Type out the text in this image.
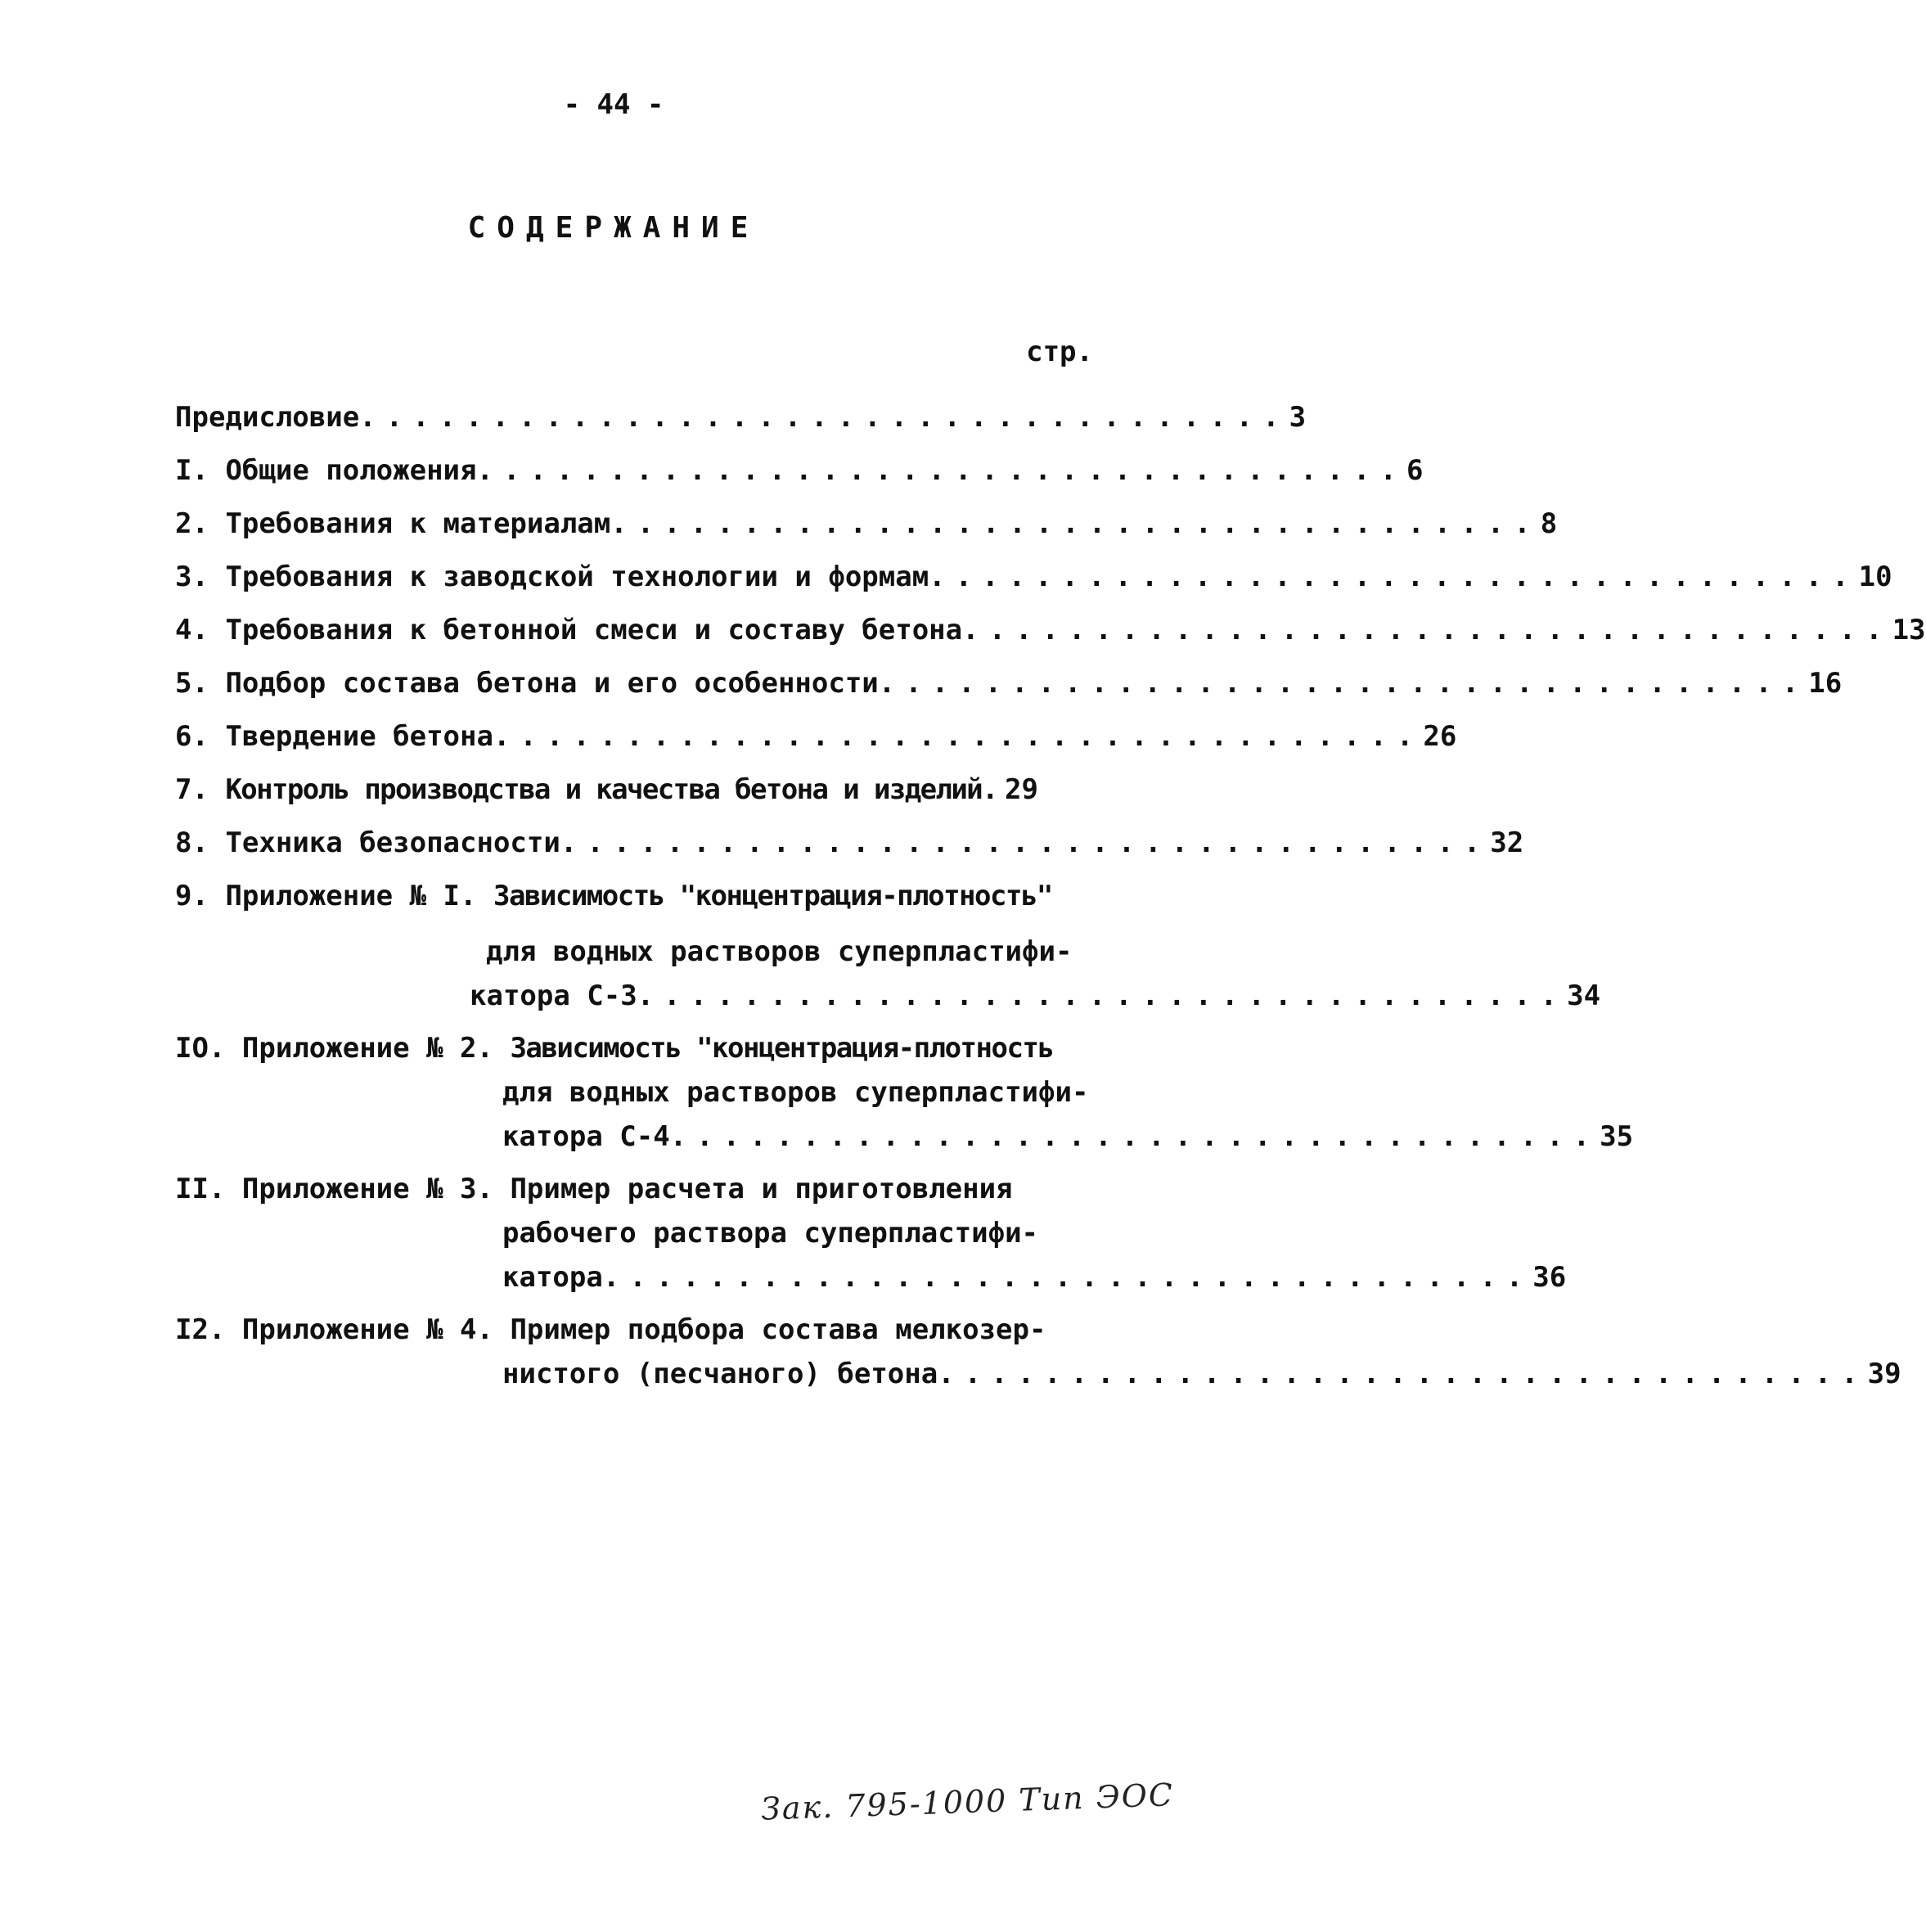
- 44 -
СОДЕРЖАНИЕ
стр.
Предисловие ................................... 3
I.
Общие положения ................................... 6
2.
Требования к материалам ................................... 8
3.
Требования к заводской технологии и формам ................................... 10
4.
Требования к бетонной смеси и составу бетона ................................... 13
5.
Подбор состава бетона и его особенности ................................... 16
6.
Твердение бетона ................................... 26
7.
Контроль производства и качества бетона и изделий. 29
8.
Техника безопасности ................................... 32
9.
Приложение № I.
Зависимость "концентрация-плотность"
для водных растворов суперпластифи-
катора С-3 ................................... 34
IO.
Приложение № 2.
Зависимость "концентрация-плотность
для водных растворов суперпластифи-
катора С-4 ................................... 35
II.
Приложение № 3.
Пример расчета и приготовления
рабочего раствора суперпластифи-
катора ................................... 36
I2.
Приложение № 4.
Пример подбора состава мелкозер-
нистого (песчаного) бетона ................................... 39
Зак. 795-1000 Тип ЭОС
